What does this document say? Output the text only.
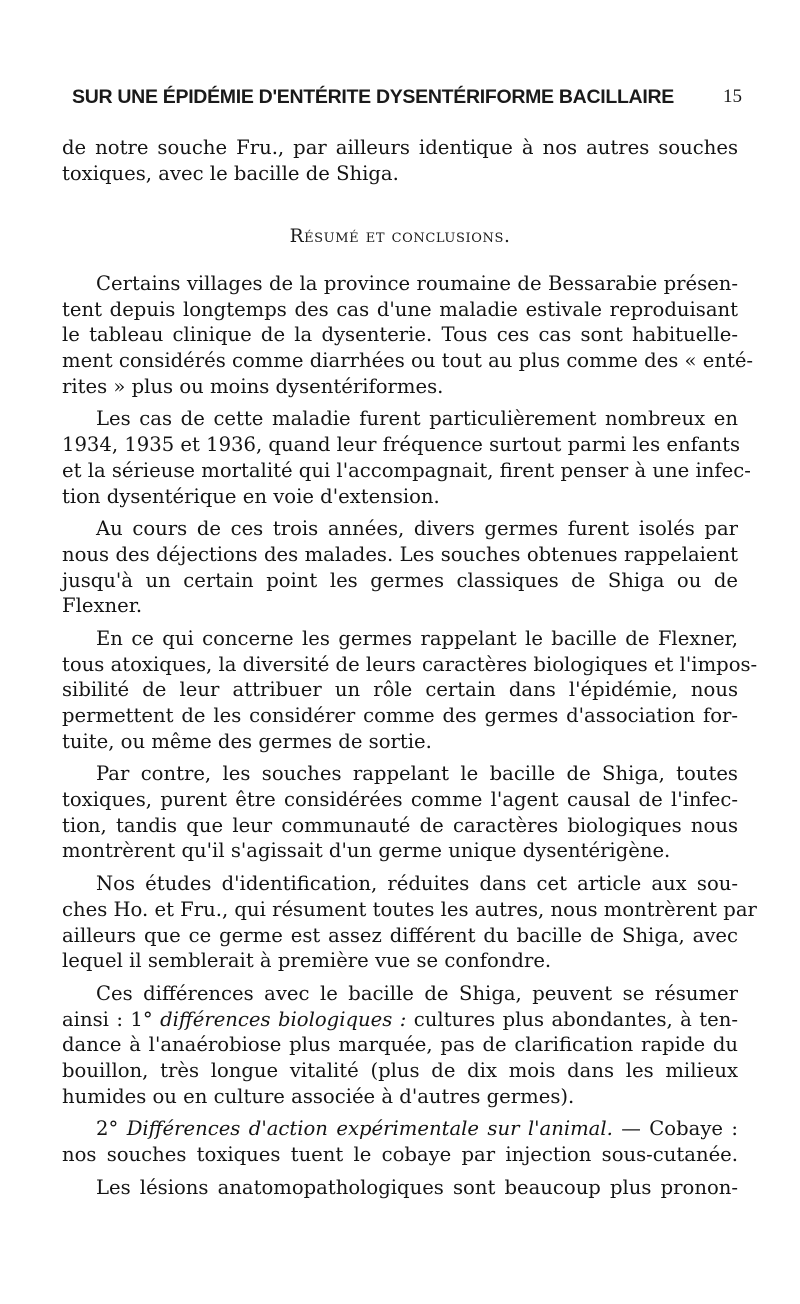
SUR UNE ÉPIDÉMIE D'ENTÉRITE DYSENTÉRIFORME BACILLAIRE	15
de notre souche Fru., par ailleurs identique à nos autres souches
toxiques, avec le bacille de Shiga.
Résumé et conclusions.
Certains villages de la province roumaine de Bessarabie présen-
tent depuis longtemps des cas d'une maladie estivale reproduisant
le tableau clinique de la dysenterie. Tous ces cas sont habituelle-
ment considérés comme diarrhées ou tout au plus comme des « enté-
rites » plus ou moins dysentériformes.
Les cas de cette maladie furent particulièrement nombreux en
1934, 1935 et 1936, quand leur fréquence surtout parmi les enfants
et la sérieuse mortalité qui l'accompagnait, firent penser à une infec-
tion dysentérique en voie d'extension.
Au cours de ces trois années, divers germes furent isolés par
nous des déjections des malades. Les souches obtenues rappelaient
jusqu'à un certain point les germes classiques de Shiga ou de
Flexner.
En ce qui concerne les germes rappelant le bacille de Flexner,
tous atoxiques, la diversité de leurs caractères biologiques et l'impos-
sibilité de leur attribuer un rôle certain dans l'épidémie, nous
permettent de les considérer comme des germes d'association for-
tuite, ou même des germes de sortie.
Par contre, les souches rappelant le bacille de Shiga, toutes
toxiques, purent être considérées comme l'agent causal de l'infec-
tion, tandis que leur communauté de caractères biologiques nous
montrèrent qu'il s'agissait d'un germe unique dysentérigène.
Nos études d'identification, réduites dans cet article aux sou-
ches Ho. et Fru., qui résument toutes les autres, nous montrèrent par
ailleurs que ce germe est assez différent du bacille de Shiga, avec
lequel il semblerait à première vue se confondre.
Ces différences avec le bacille de Shiga, peuvent se résumer
ainsi : 1° différences biologiques : cultures plus abondantes, à ten-
dance à l'anaérobiose plus marquée, pas de clarification rapide du
bouillon, très longue vitalité (plus de dix mois dans les milieux
humides ou en culture associée à d'autres germes).
2° Différences d'action expérimentale sur l'animal. — Cobaye :
nos souches toxiques tuent le cobaye par injection sous-cutanée.
Les lésions anatomopathologiques sont beaucoup plus pronon-
